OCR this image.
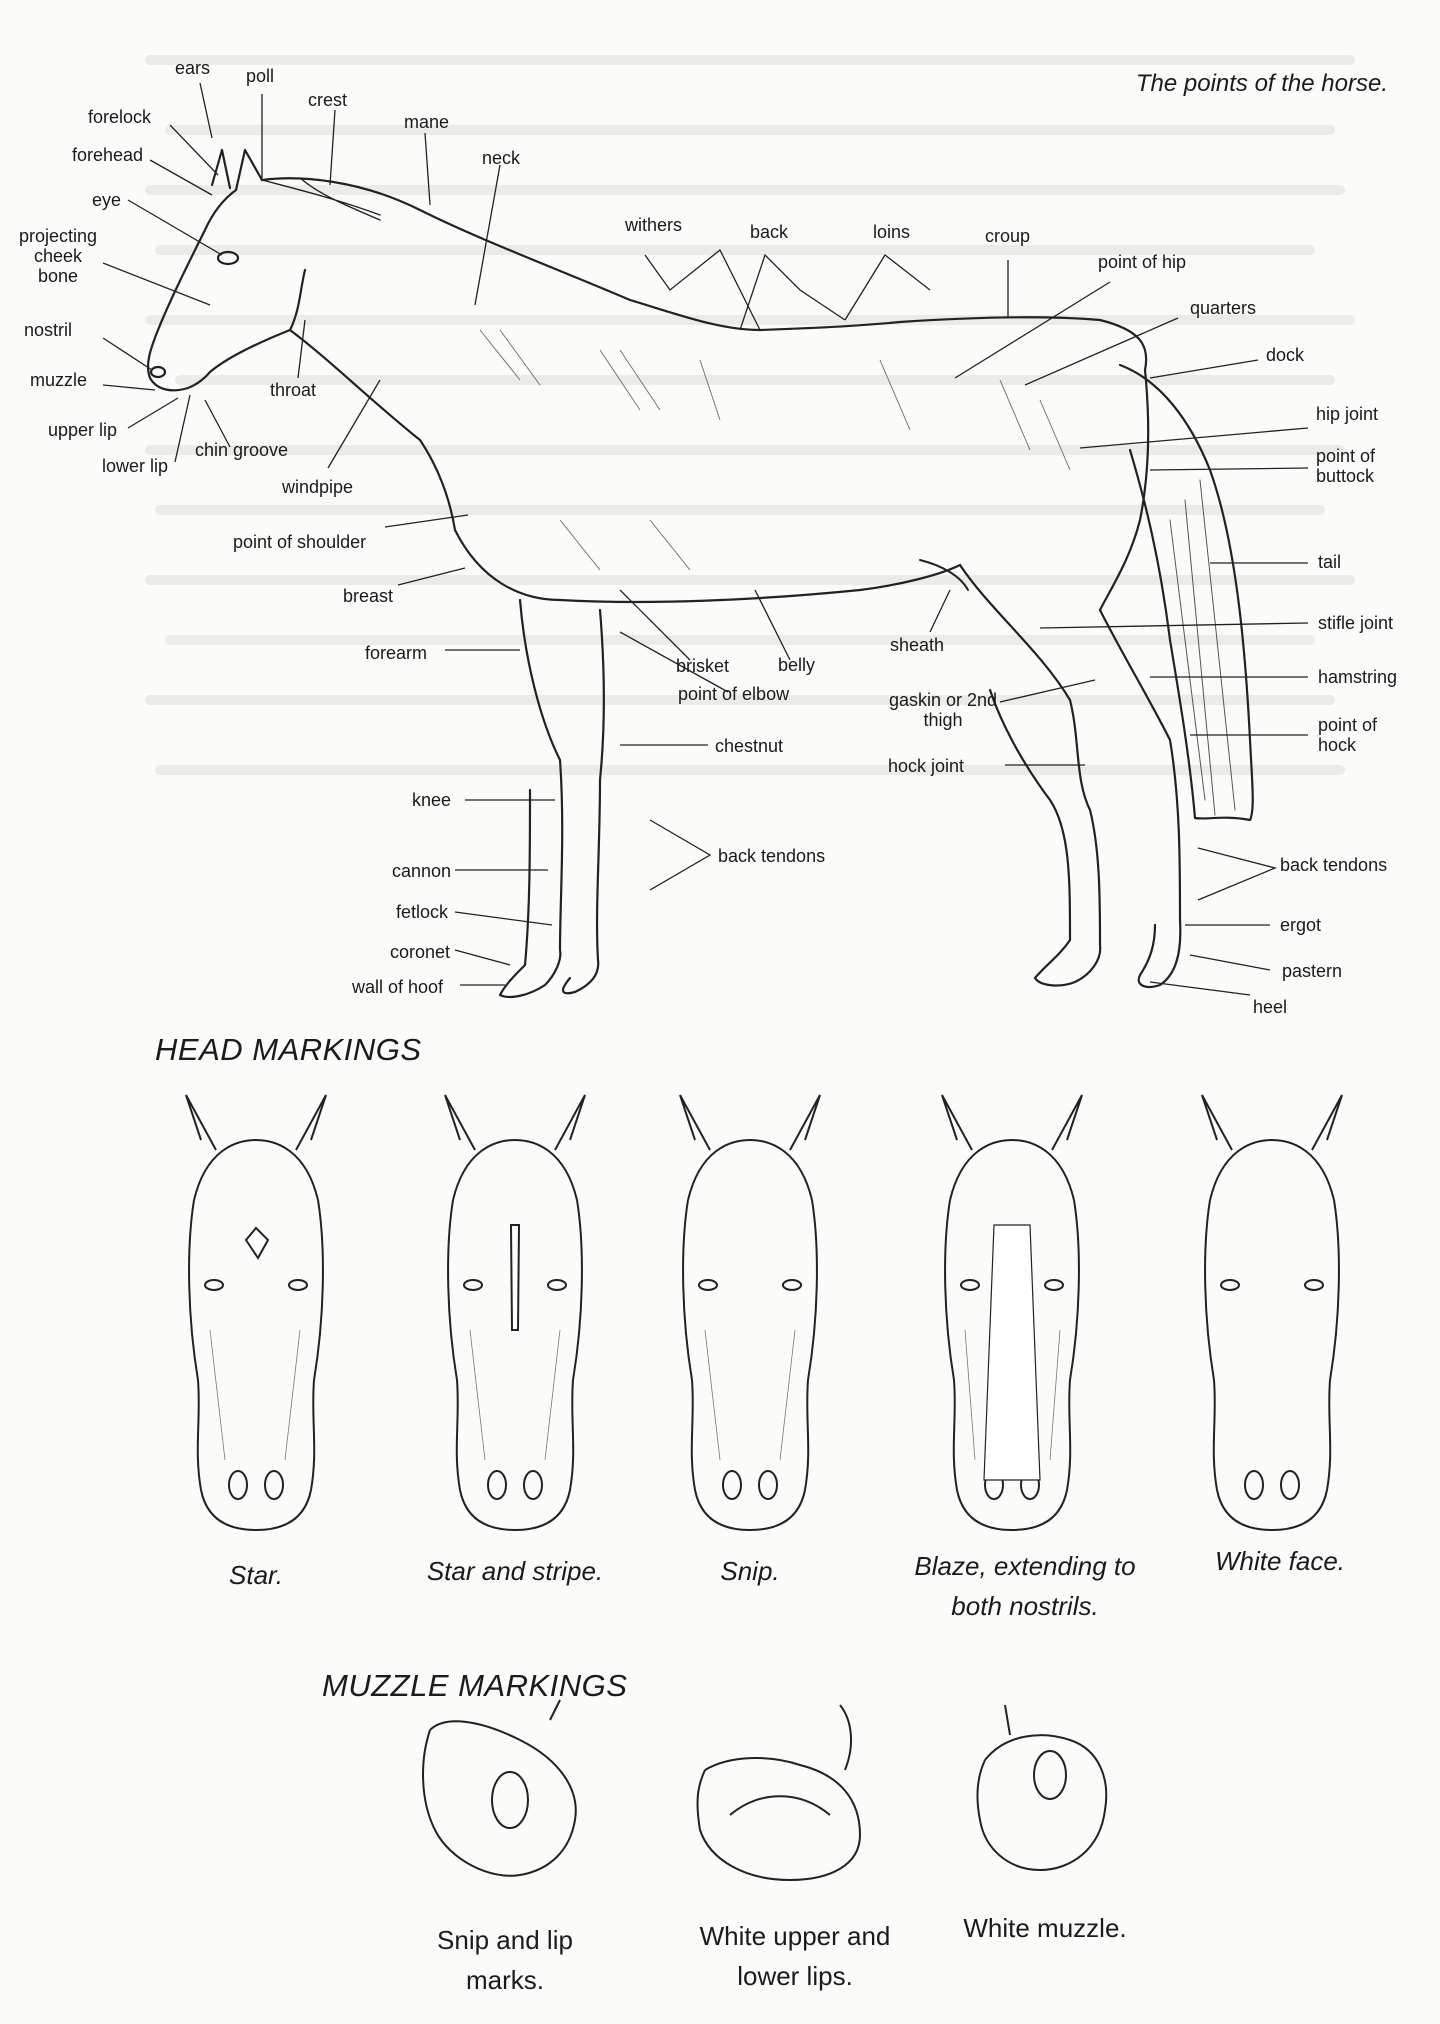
The points of the horse.
ears poll
crest
forelock	mane
forehead	neck
eye
projecting cheek bone
nostril
muzzle
upper lip
lower lip
chin groove
throat
windpipe
withers	back	loins	croup
point of hip
quarters
dock
hip joint
point of buttock
tail
stifle joint
hamstring
point of hock
back tendons
ergot
pastern
heel
hock joint
gaskin or 2nd thigh
sheath
belly
brisket
point of elbow
chestnut
back tendons
point of shoulder
breast
forearm
knee
cannon
fetlock
coronet
wall of hoof
HEAD MARKINGS
Star.	Star and stripe.	Snip.	Blaze, extending to both nostrils.
White face.
MUZZLE MARKINGS
Snip and lip marks.
White upper and lower lips.
White muzzle.
